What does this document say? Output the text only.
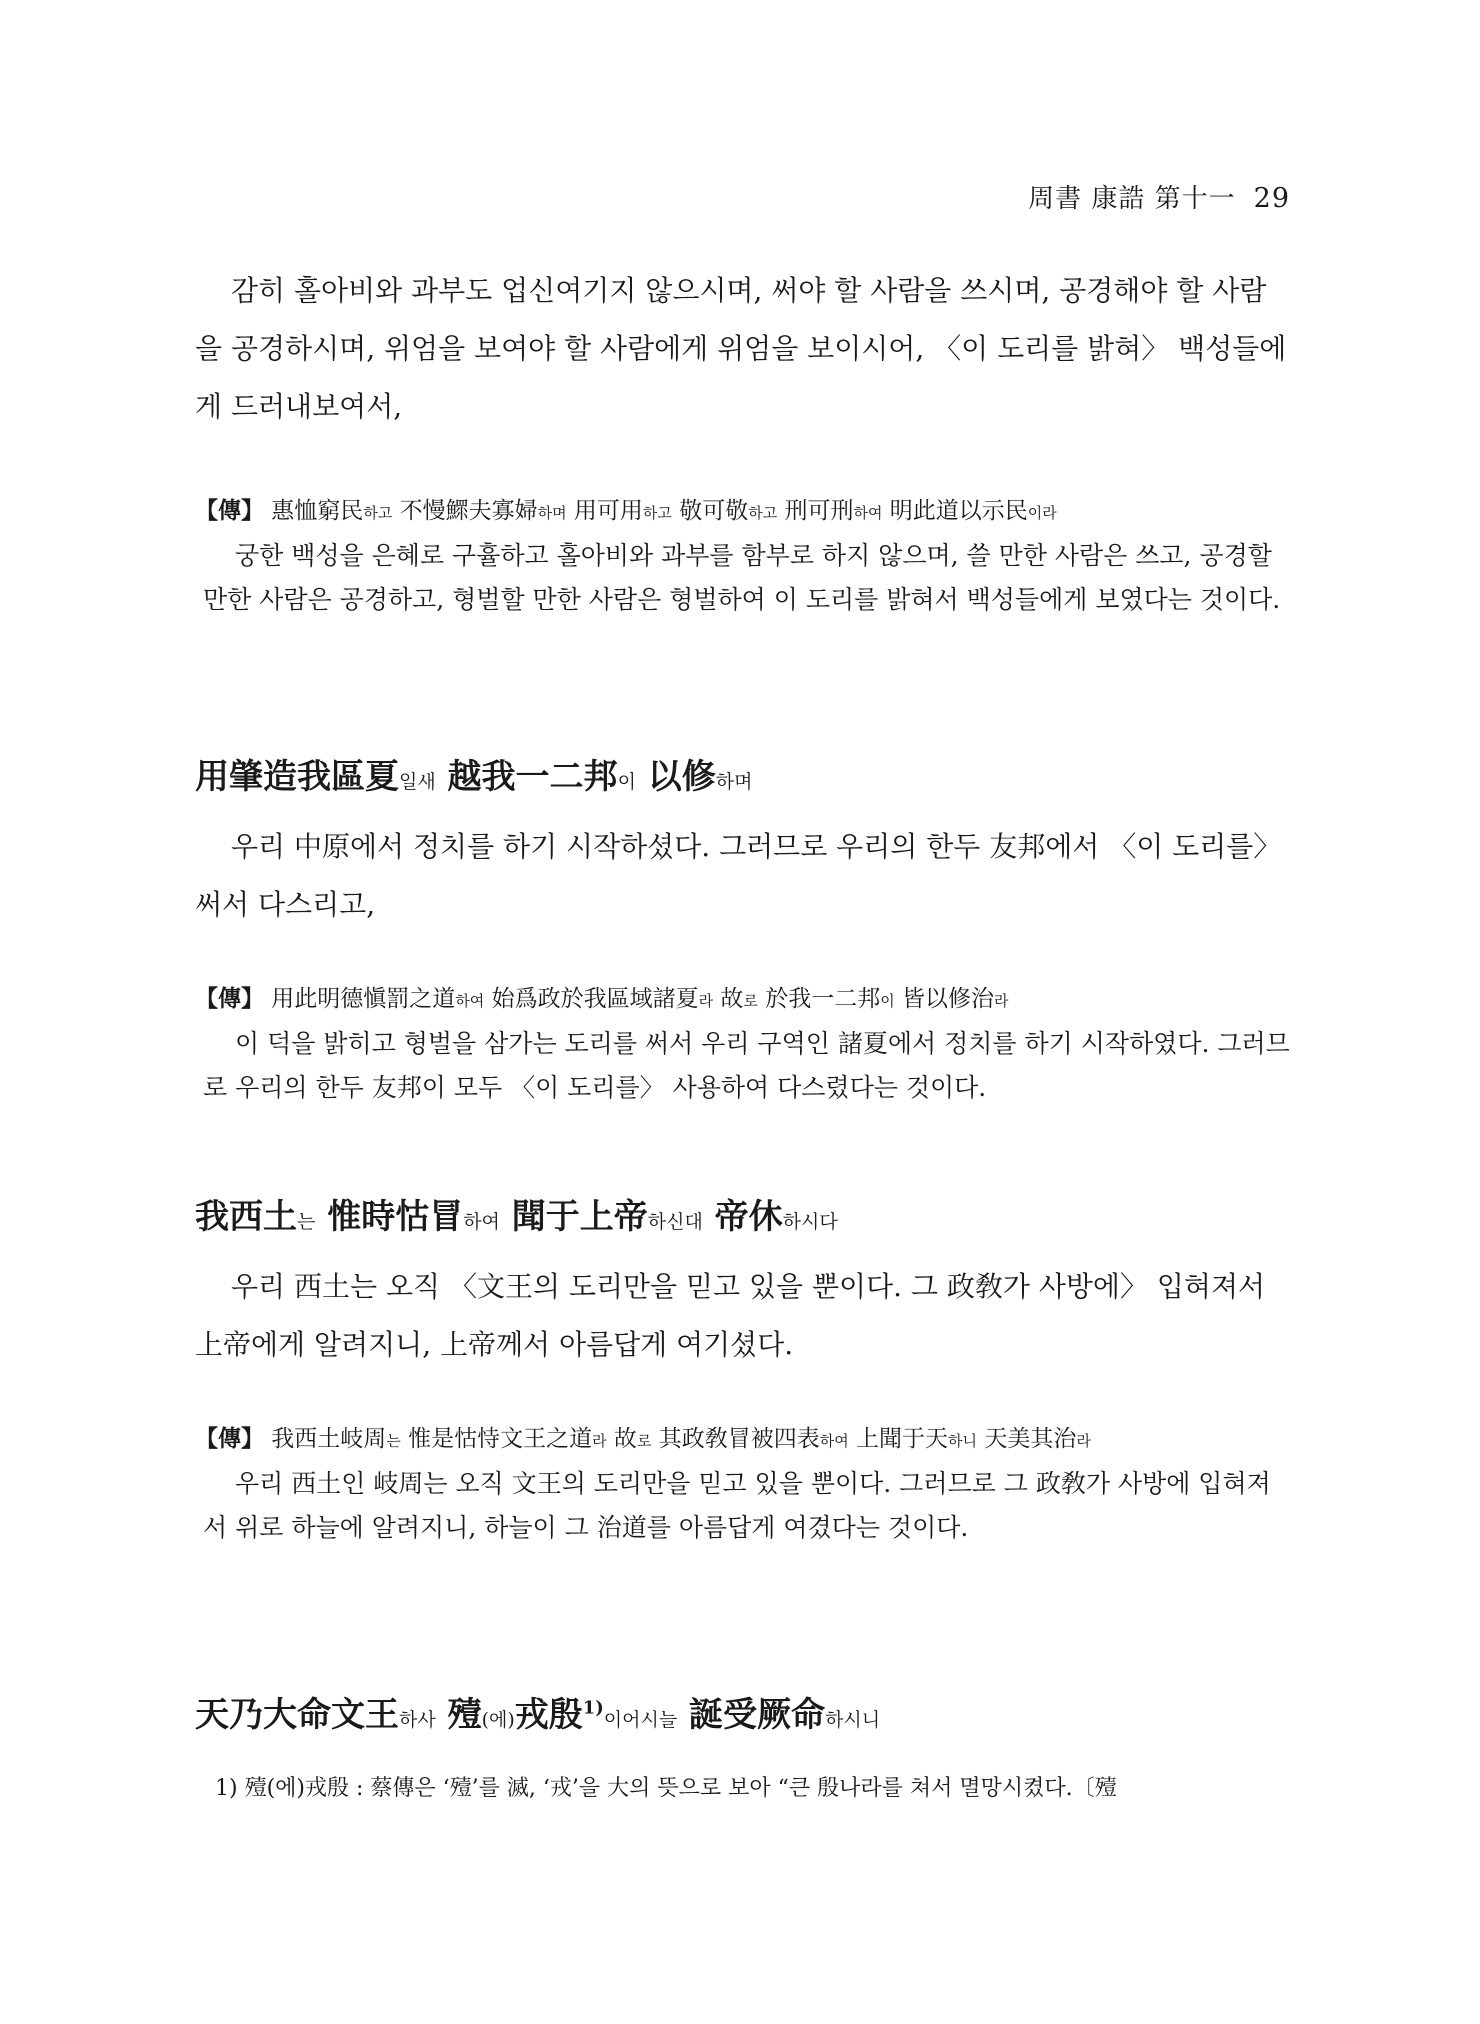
周書 康誥 第十一 29

감히 홀아비와 과부도 업신여기지 않으시며, 써야 할 사람을 쓰시며, 공경해야 할 사람을 공경하시며, 위엄을 보여야 할 사람에게 위엄을 보이시어, 〈이 도리를 밝혀〉 백성들에게 드러내보여서,

【傳】 惠恤窮民하고 不慢鰥夫寡婦하며 用可用하고 敬可敬하고 刑可刑하여 明此道以示民이라

궁한 백성을 은혜로 구휼하고 홀아비와 과부를 함부로 하지 않으며, 쓸 만한 사람은 쓰고, 공경할 만한 사람은 공경하고, 형벌할 만한 사람은 형벌하여 이 도리를 밝혀서 백성들에게 보였다는 것이다.

用肇造我區夏일새 越我一二邦이 以修하며

우리 中原에서 정치를 하기 시작하셨다. 그러므로 우리의 한두 友邦에서 〈이 도리를〉 써서 다스리고,

【傳】 用此明德愼罰之道하여 始爲政於我區域諸夏라 故로 於我一二邦이 皆以修治라

이 덕을 밝히고 형벌을 삼가는 도리를 써서 우리 구역인 諸夏에서 정치를 하기 시작하였다. 그러므로 우리의 한두 友邦이 모두 〈이 도리를〉 사용하여 다스렸다는 것이다.

我西土는 惟時怙冒하여 聞于上帝하신대 帝休하시다

우리 西土는 오직 〈文王의 도리만을 믿고 있을 뿐이다. 그 政敎가 사방에〉 입혀져서 上帝에게 알려지니, 上帝께서 아름답게 여기셨다.

【傳】 我西土岐周는 惟是怙恃文王之道라 故로 其政敎冒被四表하여 上聞于天하니 天美其治라

우리 西土인 岐周는 오직 文王의 도리만을 믿고 있을 뿐이다. 그러므로 그 政敎가 사방에 입혀져서 위로 하늘에 알려지니, 하늘이 그 治道를 아름답게 여겼다는 것이다.

天乃大命文王하사 殪(에)戎殷$^{1)}$이어시늘 誕受厥命하시니

1) 殪(에)戎殷 : 蔡傳은 ‘殪’를 滅, ‘戎’을 大의 뜻으로 보아 “큰 殷나라를 쳐서 멸망시켰다.〔殪
